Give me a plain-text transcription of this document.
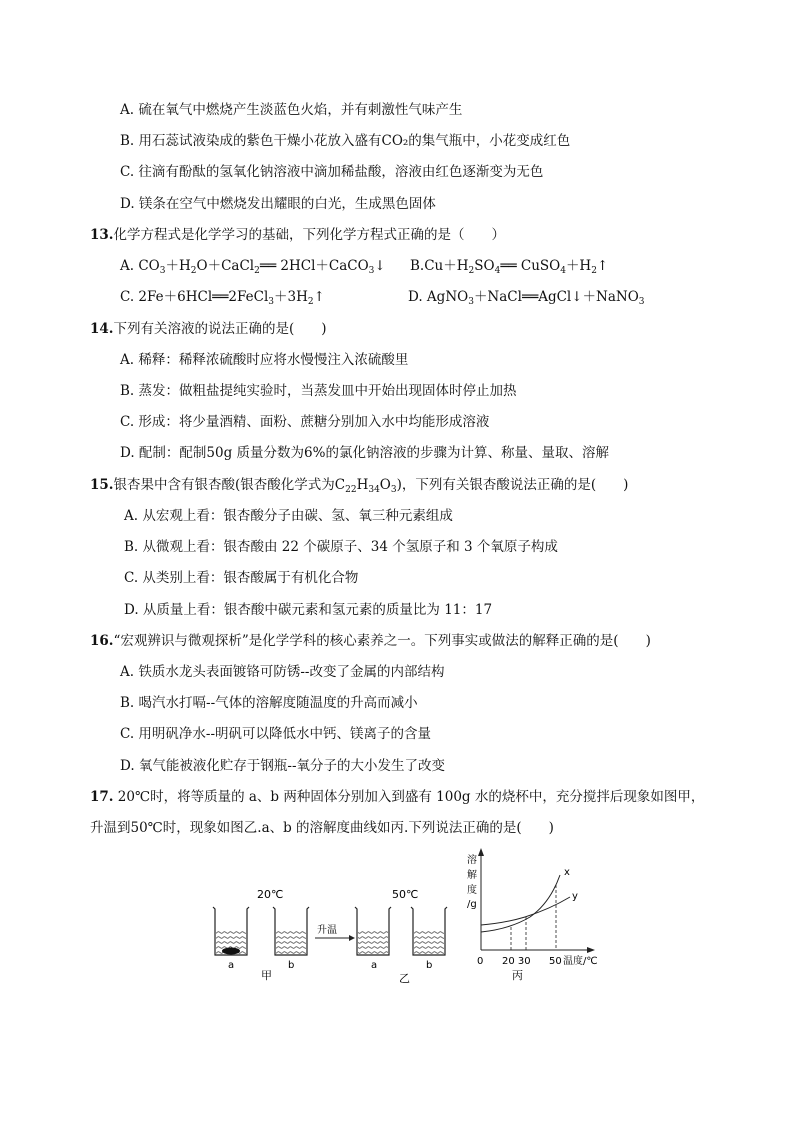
A. 硫在氧气中燃烧产生淡蓝色火焰，并有刺激性气味产生
B. 用石蕊试液染成的紫色干燥小花放入盛有CO₂的集气瓶中，小花变成红色
C. 往滴有酚酞的氢氧化钠溶液中滴加稀盐酸，溶液由红色逐渐变为无色
D. 镁条在空气中燃烧发出耀眼的白光，生成黑色固体
13.化学方程式是化学学习的基础，下列化学方程式正确的是（　　）
A. $CO_3+H_2O+CaCl_2══$ 2HCl＋CaCO$_3$↓ $B.Cu+H_2SO_4══$ $CuSO_4+H_2↑$
C. $2Fe+6HCl══2FeCl_3+3H_2↑$	D. AgNO$_3$＋NaCl══AgCl↓＋NaNO$_3$
14.下列有关溶液的说法正确的是(　　)
A. 稀释：稀释浓硫酸时应将水慢慢注入浓硫酸里
B. 蒸发：做粗盐提纯实验时，当蒸发皿中开始出现固体时停止加热
C. 形成：将少量酒精、面粉、蔗糖分别加入水中均能形成溶液
D. 配制：配制50g 质量分数为6%的氯化钠溶液的步骤为计算、称量、量取、溶解
15.银杏果中含有银杏酸(银杏酸化学式为$C_{22}H_{34}O_3$)，下列有关银杏酸说法正确的是(　　)
A. 从宏观上看：银杏酸分子由碳、氢、氧三种元素组成
B. 从微观上看：银杏酸由 22 个碳原子、34 个氢原子和 3 个氧原子构成
C. 从类别上看：银杏酸属于有机化合物
D. 从质量上看：银杏酸中碳元素和氢元素的质量比为 11：17
16.“宏观辨识与微观探析”是化学学科的核心素养之一。下列事实或做法的解释正确的是(　　)
A. 铁质水龙头表面镀铬可防锈--改变了金属的内部结构
B. 喝汽水打嗝--气体的溶解度随温度的升高而减小
C. 用明矾净水--明矾可以降低水中钙、镁离子的含量
D. 氧气能被液化贮存于钢瓶--氧分子的大小发生了改变
17. 20℃时，将等质量的 a、b 两种固体分别加入到盛有 100g 水的烧杯中，充分搅拌后现象如图甲，
升温到50℃时，现象如图乙.a、b 的溶解度曲线如丙.下列说法正确的是(　　)
20℃
a	b
甲
升温
50℃
a	b
乙
溶
解
度
/g
x
y
0 20 30 50 温度/℃
丙
